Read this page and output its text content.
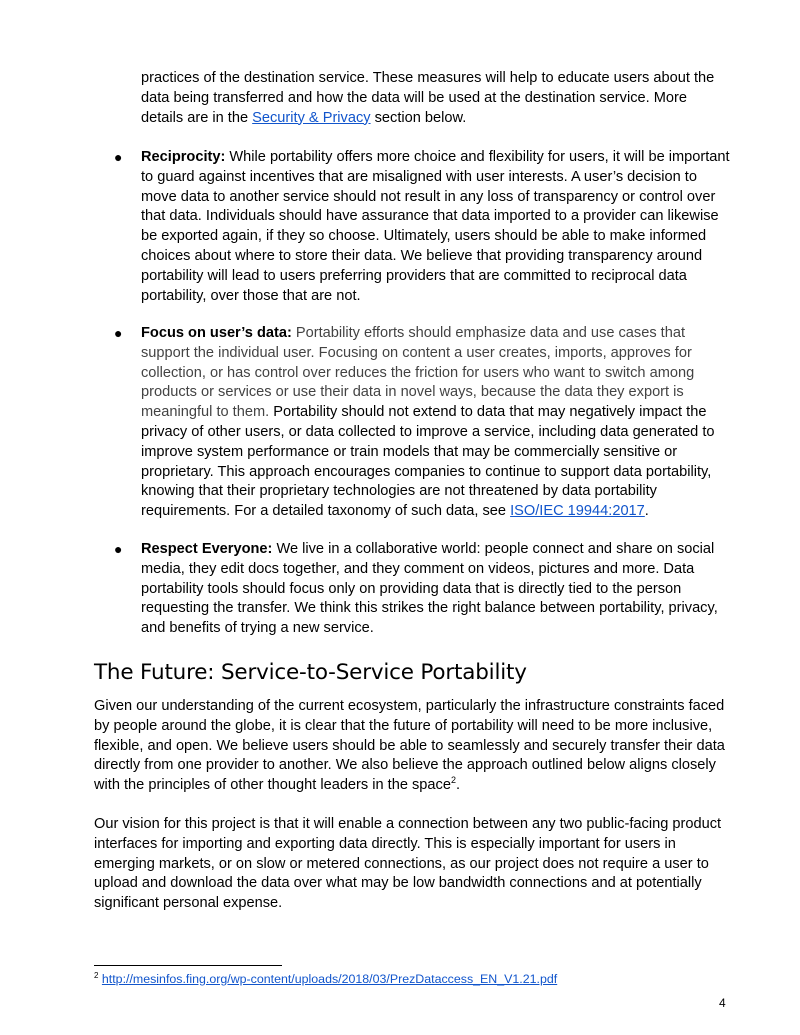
practices of the destination service. These measures will help to educate users about the data being transferred and how the data will be used at the destination service. More details are in the Security & Privacy section below.

● Reciprocity: While portability offers more choice and flexibility for users, it will be important to guard against incentives that are misaligned with user interests. A user’s decision to move data to another service should not result in any loss of transparency or control over that data. Individuals should have assurance that data imported to a provider can likewise be exported again, if they so choose. Ultimately, users should be able to make informed choices about where to store their data. We believe that providing transparency around portability will lead to users preferring providers that are committed to reciprocal data portability, over those that are not.

● Focus on user’s data: Portability efforts should emphasize data and use cases that support the individual user. Focusing on content a user creates, imports, approves for collection, or has control over reduces the friction for users who want to switch among products or services or use their data in novel ways, because the data they export is meaningful to them. Portability should not extend to data that may negatively impact the privacy of other users, or data collected to improve a service, including data generated to improve system performance or train models that may be commercially sensitive or proprietary. This approach encourages companies to continue to support data portability, knowing that their proprietary technologies are not threatened by data portability requirements. For a detailed taxonomy of such data, see ISO/IEC 19944:2017.

● Respect Everyone: We live in a collaborative world: people connect and share on social media, they edit docs together, and they comment on videos, pictures and more. Data portability tools should focus only on providing data that is directly tied to the person requesting the transfer. We think this strikes the right balance between portability, privacy, and benefits of trying a new service.

The Future: Service-to-Service Portability

Given our understanding of the current ecosystem, particularly the infrastructure constraints faced by people around the globe, it is clear that the future of portability will need to be more inclusive, flexible, and open. We believe users should be able to seamlessly and securely transfer their data directly from one provider to another. We also believe the approach outlined below aligns closely with the principles of other thought leaders in the space$^2$.

Our vision for this project is that it will enable a connection between any two public-facing product interfaces for importing and exporting data directly. This is especially important for users in emerging markets, or on slow or metered connections, as our project does not require a user to upload and download the data over what may be low bandwidth connections and at potentially significant personal expense.

$^2$ http://mesinfos.fing.org/wp-content/uploads/2018/03/PrezDataccess_EN_V1.21.pdf

4
